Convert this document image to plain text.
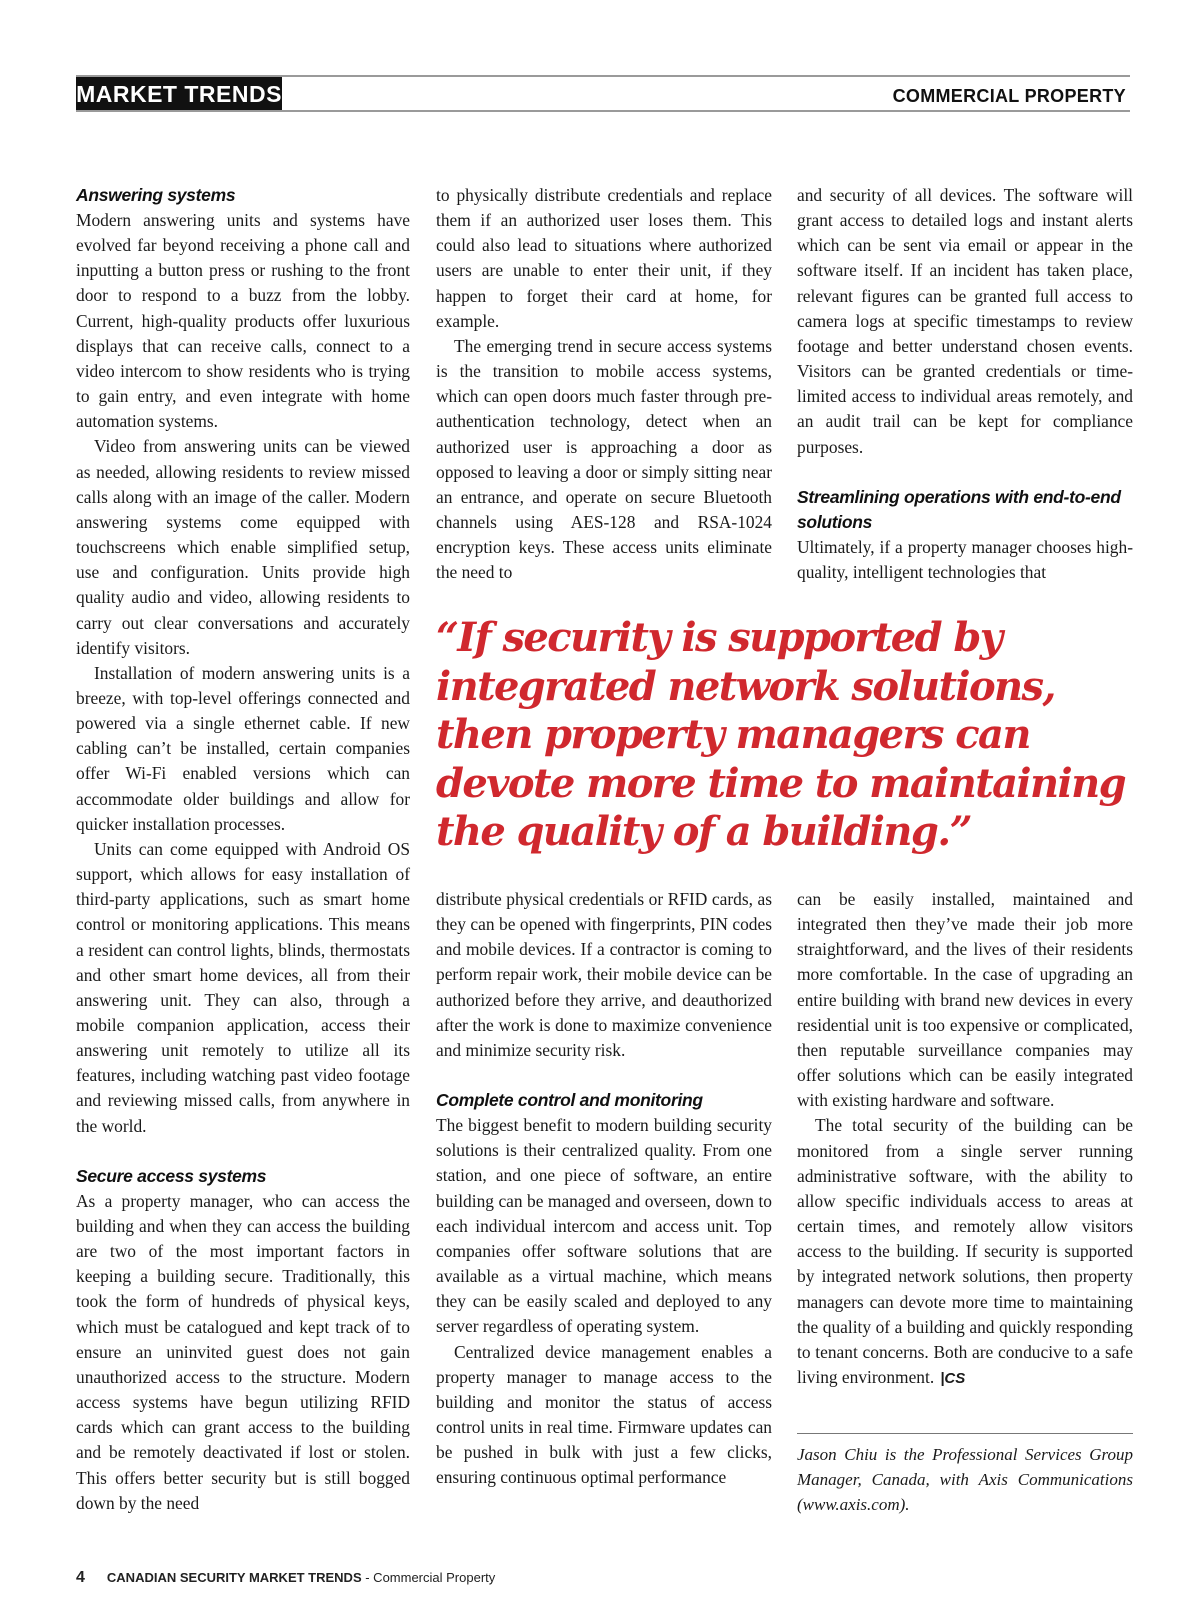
MARKET TRENDS	COMMERCIAL PROPERTY
Answering systems

Modern answering units and systems have evolved far beyond receiving a phone call and inputting a button press or rushing to the front door to respond to a buzz from the lobby. Current, high-quality products offer luxurious displays that can receive calls, connect to a video intercom to show residents who is trying to gain entry, and even integrate with home automation systems.

Video from answering units can be viewed as needed, allowing residents to review missed calls along with an image of the caller. Modern answering systems come equipped with touchscreens which enable simplified setup, use and configuration. Units provide high quality audio and video, allowing residents to carry out clear conversations and accurately identify visitors.

Installation of modern answering units is a breeze, with top-level offerings connected and powered via a single ethernet cable. If new cabling can’t be installed, certain companies offer Wi-Fi enabled versions which can accommodate older buildings and allow for quicker installation processes.

Units can come equipped with Android OS support, which allows for easy installation of third-party applications, such as smart home control or monitoring applications. This means a resident can control lights, blinds, thermostats and other smart home devices, all from their answering unit. They can also, through a mobile companion application, access their answering unit remotely to utilize all its features, including watching past video footage and reviewing missed calls, from anywhere in the world.

Secure access systems

As a property manager, who can access the building and when they can access the building are two of the most important factors in keeping a building secure. Traditionally, this took the form of hundreds of physical keys, which must be catalogued and kept track of to ensure an uninvited guest does not gain unauthorized access to the structure. Modern access systems have begun utilizing RFID cards which can grant access to the building and be remotely deactivated if lost or stolen. This offers better security but is still bogged down by the need

to physically distribute credentials and replace them if an authorized user loses them. This could also lead to situations where authorized users are unable to enter their unit, if they happen to forget their card at home, for example.

The emerging trend in secure access systems is the transition to mobile access systems, which can open doors much faster through pre-authentication technology, detect when an authorized user is approaching a door as opposed to leaving a door or simply sitting near an entrance, and operate on secure Bluetooth channels using AES-128 and RSA-1024 encryption keys. These access units eliminate the need to

and security of all devices. The software will grant access to detailed logs and instant alerts which can be sent via email or appear in the software itself. If an incident has taken place, relevant figures can be granted full access to camera logs at specific timestamps to review footage and better understand chosen events. Visitors can be granted credentials or time-limited access to individual areas remotely, and an audit trail can be kept for compliance purposes.

Streamlining operations with end-to-end solutions

Ultimately, if a property manager chooses high-quality, intelligent technologies that

“If security is supported by integrated network solutions, then property managers can devote more time to maintaining the quality of a building.”

distribute physical credentials or RFID cards, as they can be opened with fingerprints, PIN codes and mobile devices. If a contractor is coming to perform repair work, their mobile device can be authorized before they arrive, and deauthorized after the work is done to maximize convenience and minimize security risk.

Complete control and monitoring

The biggest benefit to modern building security solutions is their centralized quality. From one station, and one piece of software, an entire building can be managed and overseen, down to each individual intercom and access unit. Top companies offer software solutions that are available as a virtual machine, which means they can be easily scaled and deployed to any server regardless of operating system.

Centralized device management enables a property manager to manage access to the building and monitor the status of access control units in real time. Firmware updates can be pushed in bulk with just a few clicks, ensuring continuous optimal performance

can be easily installed, maintained and integrated then they’ve made their job more straightforward, and the lives of their residents more comfortable. In the case of upgrading an entire building with brand new devices in every residential unit is too expensive or complicated, then reputable surveillance companies may offer solutions which can be easily integrated with existing hardware and software.

The total security of the building can be monitored from a single server running administrative software, with the ability to allow specific individuals access to areas at certain times, and remotely allow visitors access to the building. If security is supported by integrated network solutions, then property managers can devote more time to maintaining the quality of a building and quickly responding to tenant concerns. Both are conducive to a safe living environment. |CS

Jason Chiu is the Professional Services Group Manager, Canada, with Axis Communications (www.axis.com).

4 CANADIAN SECURITY MARKET TRENDS - Commercial Property
